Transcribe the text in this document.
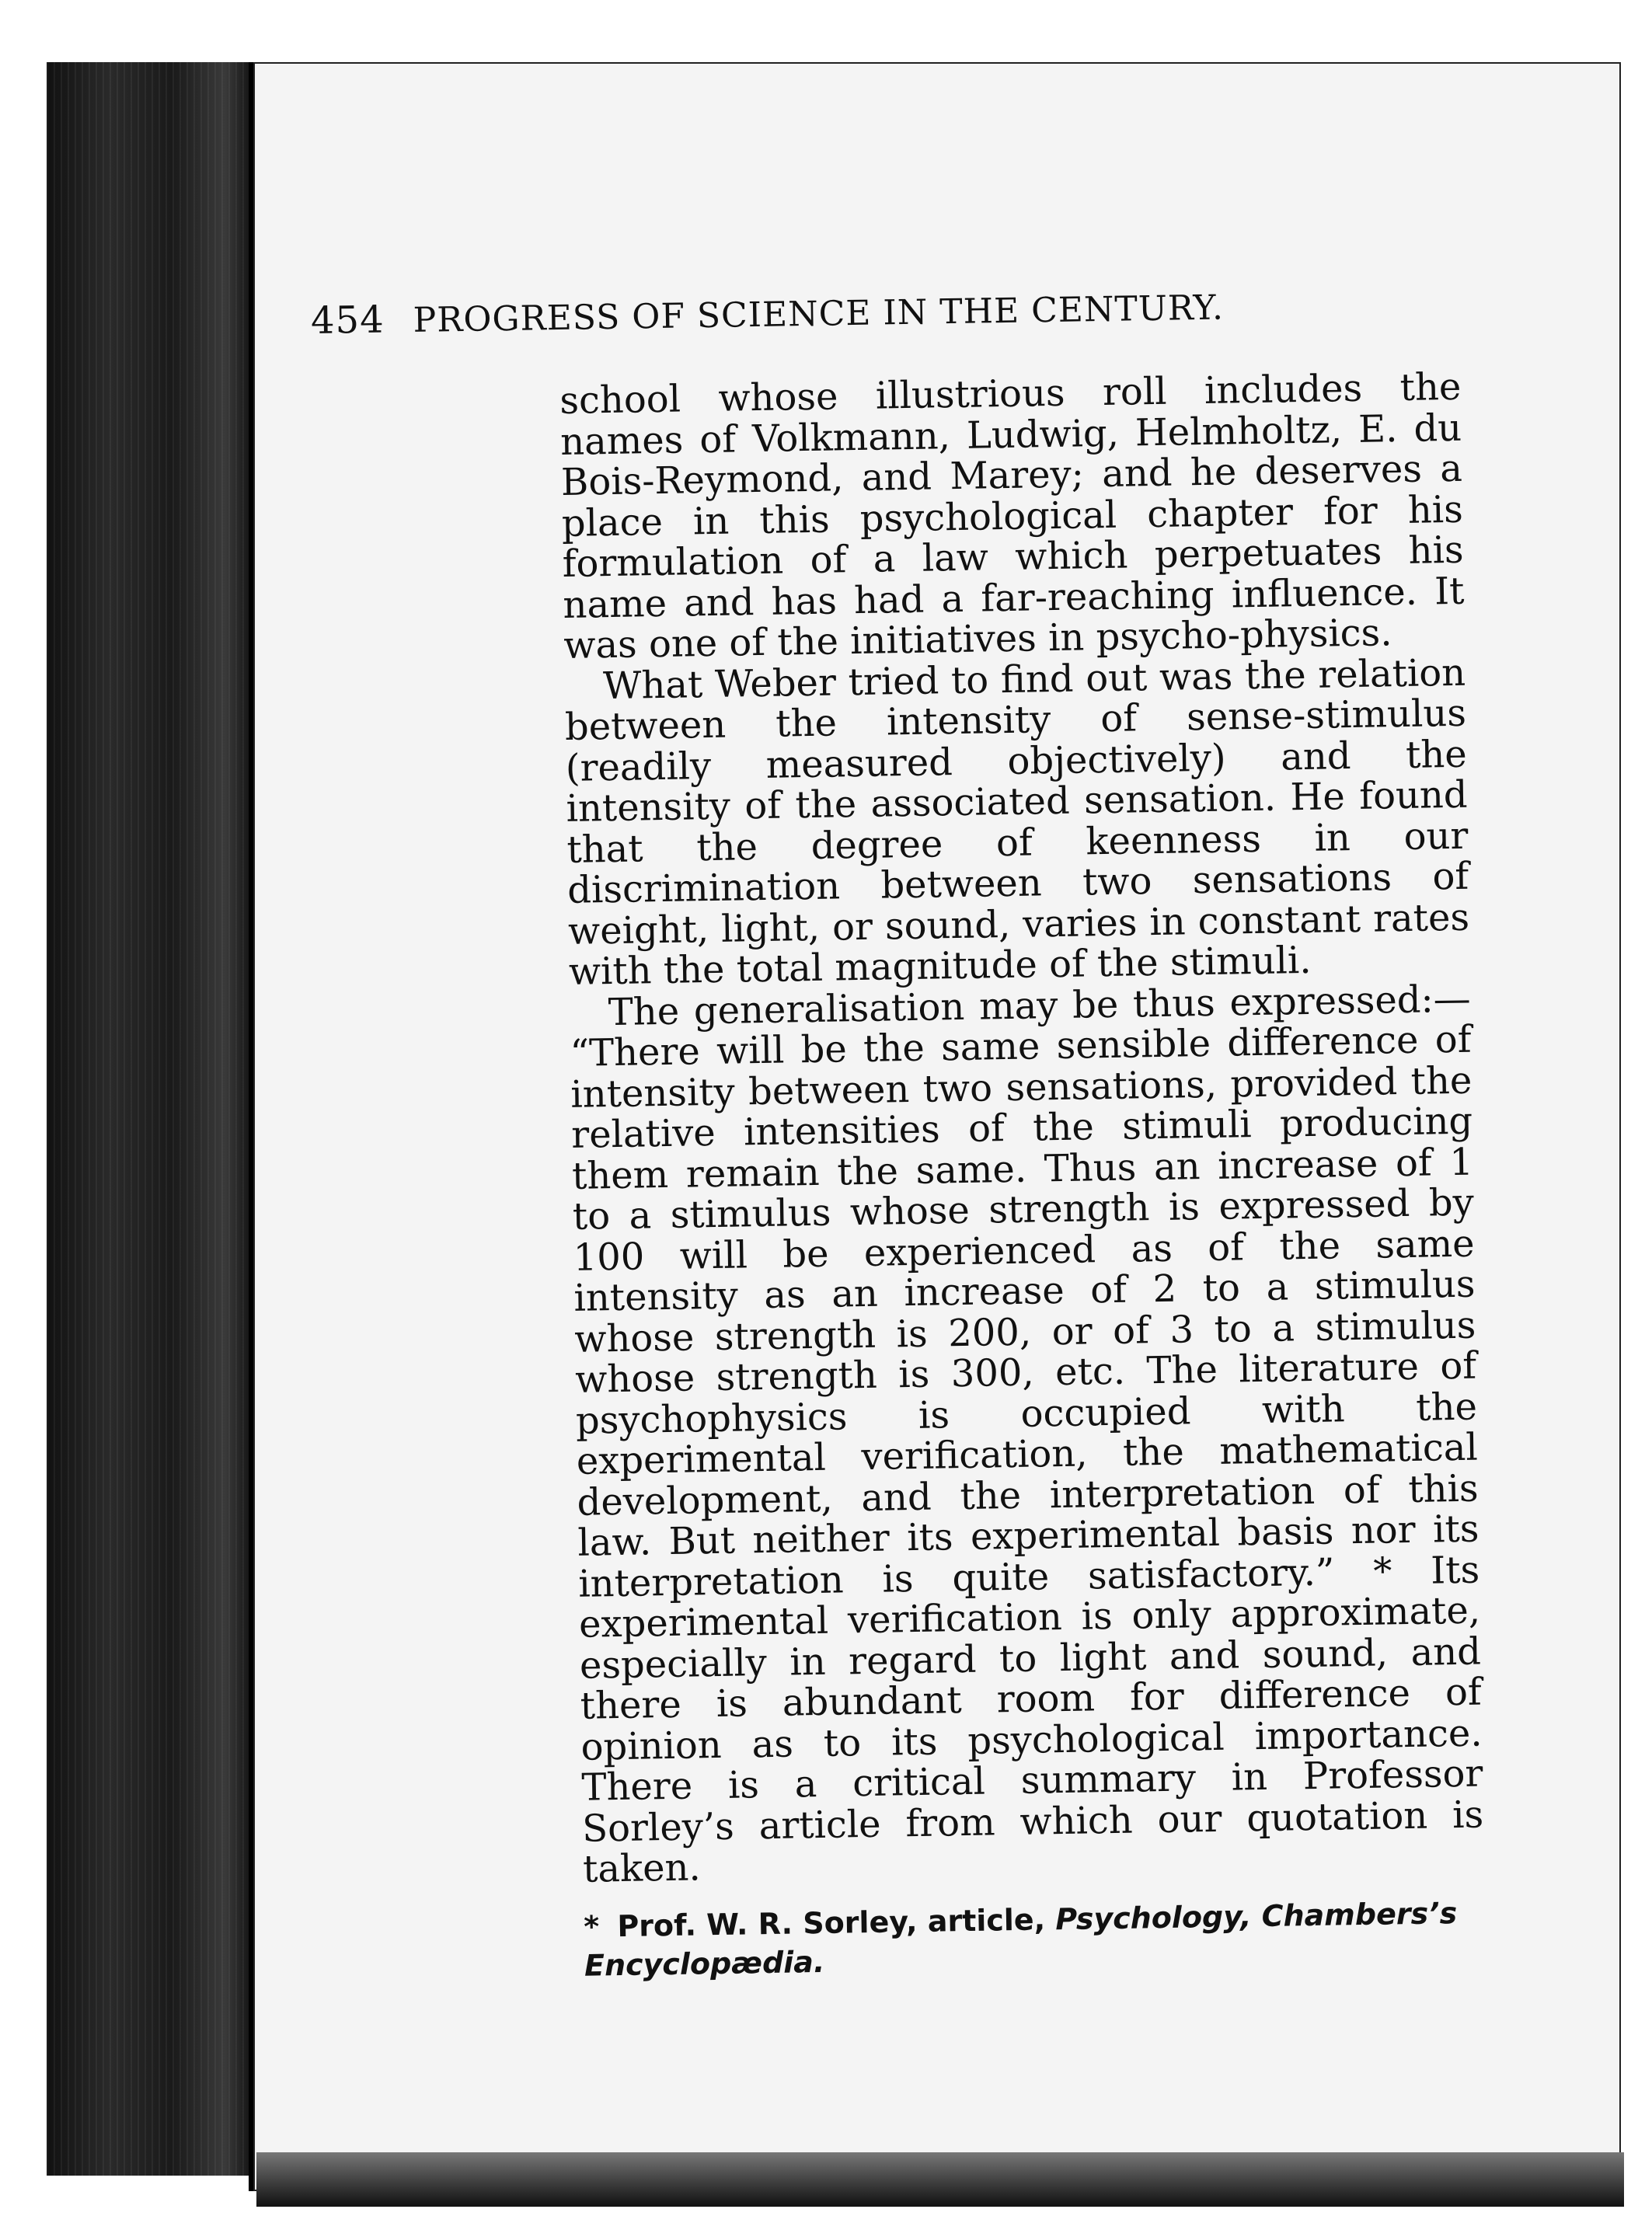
454 PROGRESS OF SCIENCE IN THE CENTURY.

school whose illustrious roll includes the names of Volkmann, Ludwig, Helmholtz, E. du Bois-Reymond, and Marey; and he deserves a place in this psychological chapter for his formulation of a law which perpetuates his name and has had a far-reaching influence. It was one of the initiatives in psycho-physics.

What Weber tried to find out was the relation between the intensity of sense-stimulus (readily measured objectively) and the intensity of the associated sensation. He found that the degree of keenness in our discrimination between two sensations of weight, light, or sound, varies in constant rates with the total magnitude of the stimuli.

The generalisation may be thus expressed:— “There will be the same sensible difference of intensity between two sensations, provided the relative intensities of the stimuli producing them remain the same. Thus an increase of 1 to a stimulus whose strength is expressed by 100 will be experienced as of the same intensity as an increase of 2 to a stimulus whose strength is 200, or of 3 to a stimulus whose strength is 300, etc. The literature of psychophysics is occupied with the experimental verification, the mathematical development, and the interpretation of this law. But neither its experimental basis nor its interpretation is quite satisfactory.” * Its experimental verification is only approximate, especially in regard to light and sound, and there is abundant room for difference of opinion as to its psychological importance. There is a critical summary in Professor Sorley’s article from which our quotation is taken.

* Prof. W. R. Sorley, article, Psychology, Chambers’s Encyclopædia.
